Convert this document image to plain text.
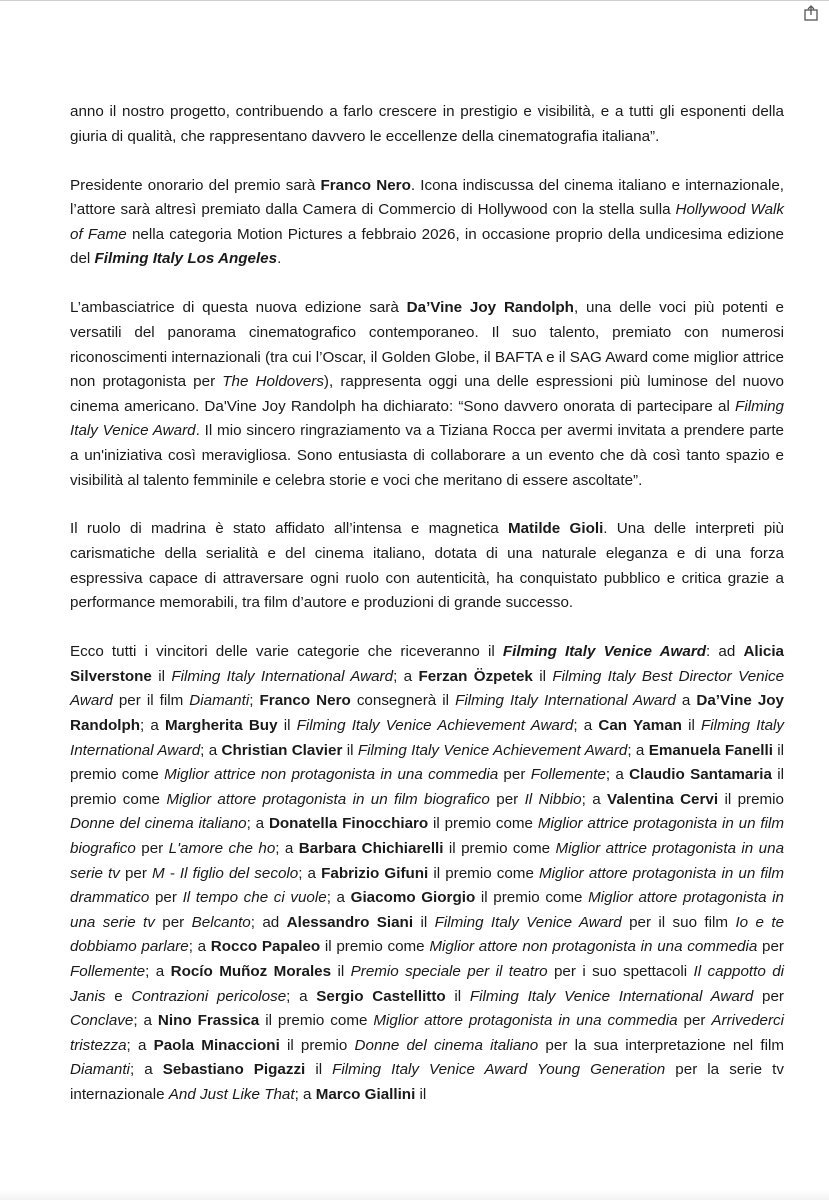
anno il nostro progetto, contribuendo a farlo crescere in prestigio e visibilità, e a tutti gli esponenti della giuria di qualità, che rappresentano davvero le eccellenze della cinematografia italiana”.

Presidente onorario del premio sarà Franco Nero. Icona indiscussa del cinema italiano e internazionale, l’attore sarà altresì premiato dalla Camera di Commercio di Hollywood con la stella sulla Hollywood Walk of Fame nella categoria Motion Pictures a febbraio 2026, in occasione proprio della undicesima edizione del Filming Italy Los Angeles.

L’ambasciatrice di questa nuova edizione sarà Da’Vine Joy Randolph, una delle voci più potenti e versatili del panorama cinematografico contemporaneo. Il suo talento, premiato con numerosi riconoscimenti internazionali (tra cui l’Oscar, il Golden Globe, il BAFTA e il SAG Award come miglior attrice non protagonista per The Holdovers), rappresenta oggi una delle espressioni più luminose del nuovo cinema americano. Da'Vine Joy Randolph ha dichiarato: “Sono davvero onorata di partecipare al Filming Italy Venice Award. Il mio sincero ringraziamento va a Tiziana Rocca per avermi invitata a prendere parte a un'iniziativa così meravigliosa. Sono entusiasta di collaborare a un evento che dà così tanto spazio e visibilità al talento femminile e celebra storie e voci che meritano di essere ascoltate”.

Il ruolo di madrina è stato affidato all’intensa e magnetica Matilde Gioli. Una delle interpreti più carismatiche della serialità e del cinema italiano, dotata di una naturale eleganza e di una forza espressiva capace di attraversare ogni ruolo con autenticità, ha conquistato pubblico e critica grazie a performance memorabili, tra film d’autore e produzioni di grande successo.

Ecco tutti i vincitori delle varie categorie che riceveranno il Filming Italy Venice Award: ad Alicia Silverstone il Filming Italy International Award; a Ferzan Özpetek il Filming Italy Best Director Venice Award per il film Diamanti; Franco Nero consegnerà il Filming Italy International Award a Da’Vine Joy Randolph; a Margherita Buy il Filming Italy Venice Achievement Award; a Can Yaman il Filming Italy International Award; a Christian Clavier il Filming Italy Venice Achievement Award; a Emanuela Fanelli il premio come Miglior attrice non protagonista in una commedia per Follemente; a Claudio Santamaria il premio come Miglior attore protagonista in un film biografico per Il Nibbio; a Valentina Cervi il premio Donne del cinema italiano; a Donatella Finocchiaro il premio come Miglior attrice protagonista in un film biografico per L'amore che ho; a Barbara Chichiarelli il premio come Miglior attrice protagonista in una serie tv per M - Il figlio del secolo; a Fabrizio Gifuni il premio come Miglior attore protagonista in un film drammatico per Il tempo che ci vuole; a Giacomo Giorgio il premio come Miglior attore protagonista in una serie tv per Belcanto; ad Alessandro Siani il Filming Italy Venice Award per il suo film Io e te dobbiamo parlare; a Rocco Papaleo il premio come Miglior attore non protagonista in una commedia per Follemente; a Rocío Muñoz Morales il Premio speciale per il teatro per i suo spettacoli Il cappotto di Janis e Contrazioni pericolose; a Sergio Castellitto il Filming Italy Venice International Award per Conclave; a Nino Frassica il premio come Miglior attore protagonista in una commedia per Arrivederci tristezza; a Paola Minaccioni il premio Donne del cinema italiano per la sua interpretazione nel film Diamanti; a Sebastiano Pigazzi il Filming Italy Venice Award Young Generation per la serie tv internazionale And Just Like That; a Marco Giallini il
